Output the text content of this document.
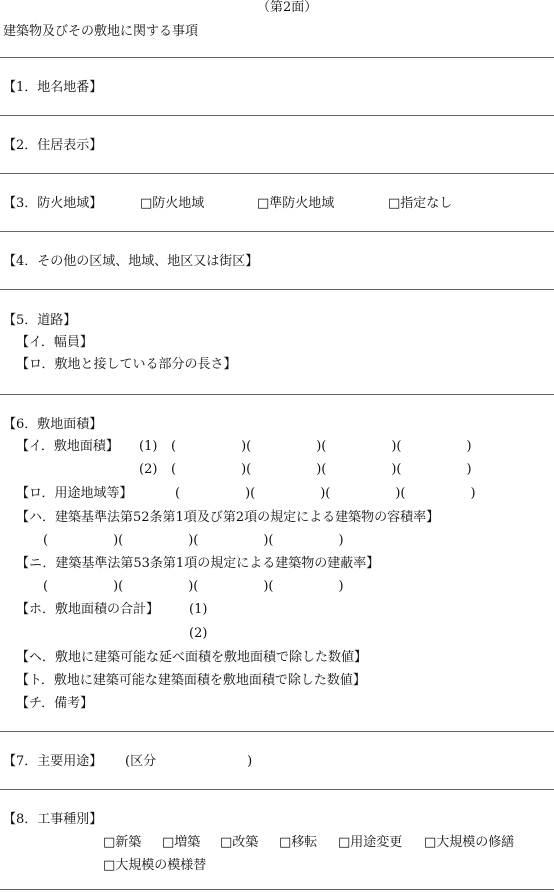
（第2面）
建築物及びその敷地に関する事項
【1．地名地番】
【2．住居表示】
【3．防火地域】	□防火地域	□準防火地域	□指定なし
【4．その他の区域、地域、地区又は街区】
【5．道路】
【イ．幅員】
【ロ．敷地と接している部分の長さ】
【6．敷地面積】
【イ．敷地面積】 (1) (　　　　　)(　　　　　)(　　　　　)(　　　　　)
(2) (　　　　　)(　　　　　)(　　　　　)(　　　　　)
【ロ．用途地域等】	(　　　　　)(　　　　　)(　　　　　)(　　　　　)
【ハ．建築基準法第52条第1項及び第2項の規定による建築物の容積率】
(　　　　　)(　　　　　)(　　　　　)(　　　　　)
【ニ．建築基準法第53条第1項の規定による建築物の建蔽率】
(　　　　　)(　　　　　)(　　　　　)(　　　　　)
【ホ．敷地面積の合計】 (1)
(2)
【ヘ．敷地に建築可能な延べ面積を敷地面積で除した数値】
【ト．敷地に建築可能な建築面積を敷地面積で除した数値】
【チ．備考】
【7．主要用途】 (区分　　　　　　　)
【8．工事種別】
□新築 □増築 □改築 □移転 □用途変更 □大規模の修繕
□大規模の模様替
